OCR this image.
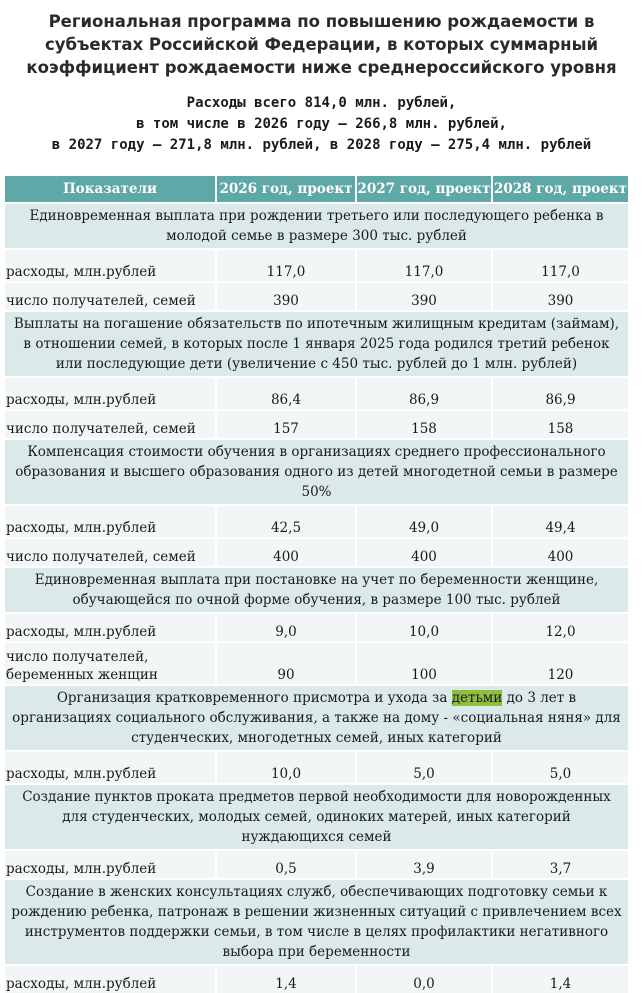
Региональная программа по повышению рождаемости в
субъектах Российской Федерации, в которых суммарный
коэффициент рождаемости ниже среднероссийского уровня
Расходы всего 814,0 млн. рублей,
в том числе в 2026 году – 266,8 млн. рублей,
в 2027 году – 271,8 млн. рублей, в 2028 году – 275,4 млн. рублей
Показатели	2026 год, проект	2027 год, проект	2028 год, проект
Единовременная выплата при рождении третьего или последующего ребенка в молодой семье в размере 300 тыс. рублей			
расходы, млн.рублей	117,0	117,0	117,0
число получателей, семей	390	390	390
Выплаты на погашение обязательств по ипотечным жилищным кредитам (займам), в отношении семей, в которых после 1 января 2025 года родился третий ребенок или последующие дети (увеличение с 450 тыс. рублей до 1 млн. рублей)			
расходы, млн.рублей	86,4	86,9	86,9
число получателей, семей	157	158	158
Компенсация стоимости обучения в организациях среднего профессионального образования и высшего образования одного из детей многодетной семьи в размере 50%			
расходы, млн.рублей	42,5	49,0	49,4
число получателей, семей	400	400	400
Единовременная выплата при постановке на учет по беременности женщине, обучающейся по очной форме обучения, в размере 100 тыс. рублей			
расходы, млн.рублей	9,0	10,0	12,0
число получателей, беременных женщин	90	100	120
Организация кратковременного присмотра и ухода за детьми до 3 лет в организациях социального обслуживания, а также на дому - «социальная няня» для студенческих, многодетных семей, иных категорий			
расходы, млн.рублей	10,0	5,0	5,0
Создание пунктов проката предметов первой необходимости для новорожденных для студенческих, молодых семей, одиноких матерей, иных категорий нуждающихся семей			
расходы, млн.рублей	0,5	3,9	3,7
Создание в женских консультациях служб, обеспечивающих подготовку семьи к рождению ребенка, патронаж в решении жизненных ситуаций с привлечением всех инструментов поддержки семьи, в том числе в целях профилактики негативного выбора при беременности			
расходы, млн.рублей	1,4	0,0	1,4
